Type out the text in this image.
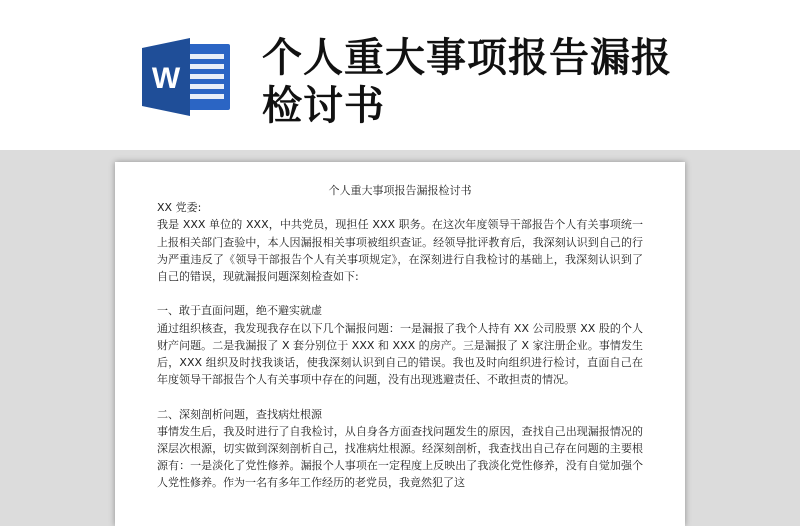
W 个人重大事项报告漏报检讨书

个人重大事项报告漏报检讨书

XX 党委:

我是 XXX 单位的 XXX，中共党员，现担任 XXX 职务。在这次年度领导干部报告个人有关事项统一上报相关部门查验中，本人因漏报相关事项被组织查证。经领导批评教育后，我深刻认识到自己的行为严重违反了《领导干部报告个人有关事项规定》，在深刻进行自我检讨的基础上，我深刻认识到了自己的错误，现就漏报问题深刻检查如下:

一、敢于直面问题，绝不避实就虚

通过组织核查，我发现我存在以下几个漏报问题：一是漏报了我个人持有 XX 公司股票 XX 股的个人财产问题。二是我漏报了 X 套分别位于 XXX 和 XXX 的房产。三是漏报了 X 家注册企业。事情发生后，XXX 组织及时找我谈话，使我深刻认识到自己的错误。我也及时向组织进行检讨，直面自己在年度领导干部报告个人有关事项中存在的问题，没有出现逃避责任、不敢担责的情况。

二、深刻剖析问题，查找病灶根源

事情发生后，我及时进行了自我检讨，从自身各方面查找问题发生的原因，查找自己出现漏报情况的深层次根源，切实做到深刻剖析自己，找准病灶根源。经深刻剖析，我查找出自己存在问题的主要根源有：一是淡化了党性修养。漏报个人事项在一定程度上反映出了我淡化党性修养，没有自觉加强个人党性修养。作为一名有多年工作经历的老党员，我竟然犯了这
